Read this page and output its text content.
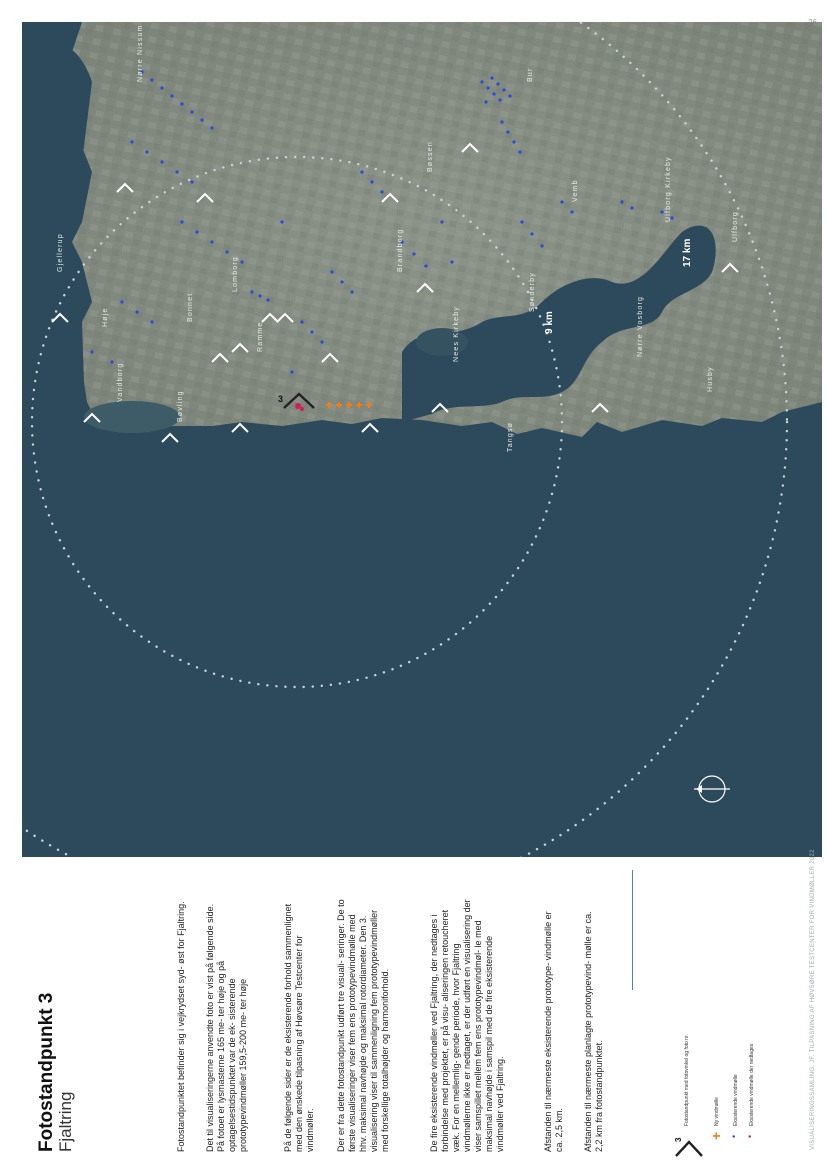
3
Brandborg
Bøssen
Vemb
Lomborg
Ramme
Vandborg
Bøvling
Bonnet
Høje	Nees Kirkeby
Sønderby
Nørre Vosborg
Husby
Ulfborg Kirkeby
Ulfborg
Gjellerup
Nørre Nissum
Tangsø
Bur
9 km
17 km
Fotostandpunkt 3 Fjaltring	Fotostandpunktet befinder sig i vejkrydset syd- øst for Fjaltring. Det til visualiseringerne anvendte foto er vist på følgende side. På fotoet er lysmasterne 165 me- ter høje og på optagelsestidspunktet var de ek- sisterende prototypevindmøller 159,5-200 me- ter høje	På de følgende sider er de eksisterende forhold sammenlignet med den ønskede tilpasning af Høvsøre Testcenter for vindmøller. Der er fra dette fotostandpunkt udført tre visuali- seringer. De to første visualiseringer viser fem ens prototypevindmølle med hhv. maksimal navhøjde og maksimal rotordiameter. Den 3. visualisering viser til sammenligning fem prototypevindmøller med forskellige totalhøjder og harmoniforhold.	De fire eksisterende vindmøller ved Fjaltring, der nedtages i forbindelse med projektet, er på visu- aliseringen retoucheret væk. For en mellemlig- gende periode, hvor Fjaltring vindmøllerne ikke er nedtaget, er der udført en visualisering der viser samspillet mellem fem ens prototypevindmøl- le med maksimal navhøjde i samspil med de fire eksisterende vindmøller ved Fjaltring.	Afstanden til nærmeste eksisterende prototype- vindmølle er ca. 2,5 km. Afstanden til nærmeste planlagte prototypevind- mølle er ca. 2,2 km fra fotostandpunktet.	3
Fotostandpunkt med fotovinkel og foto nr.
+
Ny vindmølle
•
Eksisterende vindmølle
•
Eksisterende vindmølle der nedtages	VISUALISERINGSSAMLING, JF. TILPASNING AF HØVSØRE TESTCENTER FOR VINDMØLLER 2022
